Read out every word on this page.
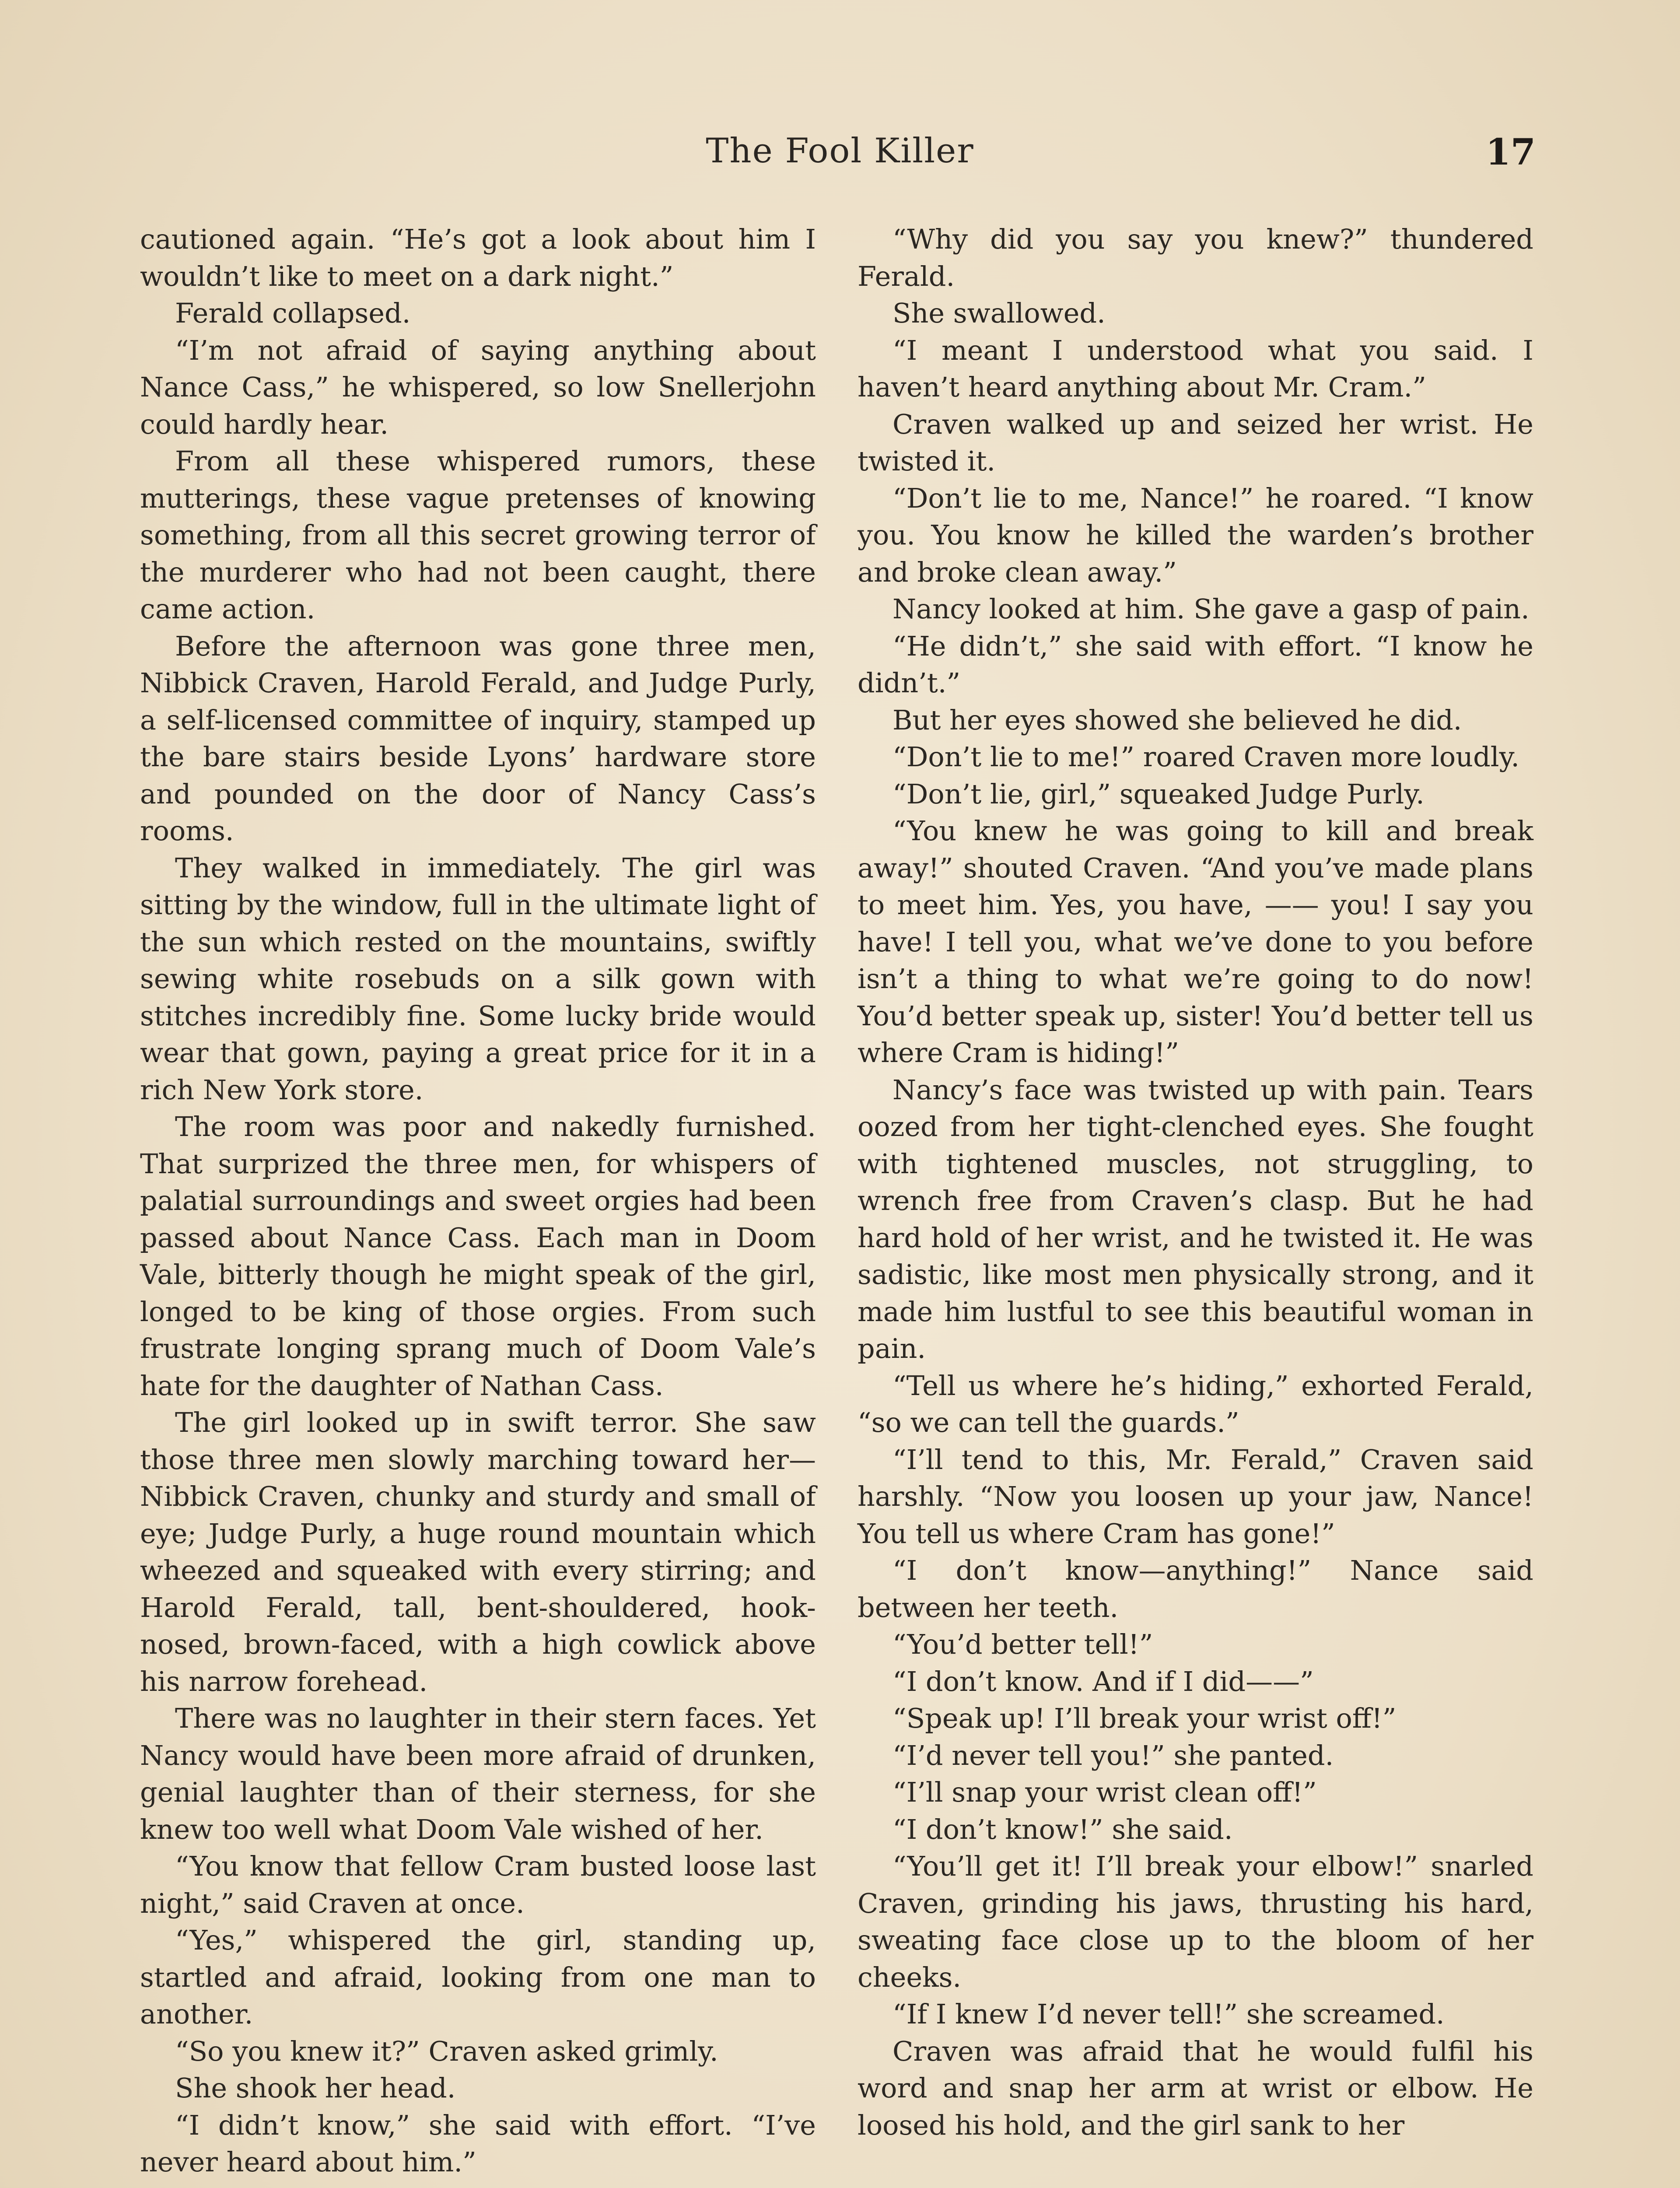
The Fool Killer	17

cautioned again. “He’s got a look about him I wouldn’t like to meet on a dark night.”

Ferald collapsed.

“I’m not afraid of saying anything about Nance Cass,” he whispered, so low Snellerjohn could hardly hear.

From all these whispered rumors, these mutterings, these vague pretenses of knowing something, from all this secret growing terror of the murderer who had not been caught, there came action.

Before the afternoon was gone three men, Nibbick Craven, Harold Ferald, and Judge Purly, a self-licensed committee of inquiry, stamped up the bare stairs beside Lyons’ hardware store and pounded on the door of Nancy Cass’s rooms.

They walked in immediately. The girl was sitting by the window, full in the ultimate light of the sun which rested on the mountains, swiftly sewing white rosebuds on a silk gown with stitches incredibly fine. Some lucky bride would wear that gown, paying a great price for it in a rich New York store.

The room was poor and nakedly furnished. That surprized the three men, for whispers of palatial surroundings and sweet orgies had been passed about Nance Cass. Each man in Doom Vale, bitterly though he might speak of the girl, longed to be king of those orgies. From such frustrate longing sprang much of Doom Vale’s hate for the daughter of Nathan Cass.

The girl looked up in swift terror. She saw those three men slowly marching toward her—Nibbick Craven, chunky and sturdy and small of eye; Judge Purly, a huge round mountain which wheezed and squeaked with every stirring; and Harold Ferald, tall, bent-shouldered, hook-nosed, brown-faced, with a high cowlick above his narrow forehead.

There was no laughter in their stern faces. Yet Nancy would have been more afraid of drunken, genial laughter than of their sterness, for she knew too well what Doom Vale wished of her.

“You know that fellow Cram busted loose last night,” said Craven at once.

“Yes,” whispered the girl, standing up, startled and afraid, looking from one man to another.

“So you knew it?” Craven asked grimly.

She shook her head.

“I didn’t know,” she said with effort. “I’ve never heard about him.”

“Why did you say you knew?” thundered Ferald.

She swallowed.

“I meant I understood what you said. I haven’t heard anything about Mr. Cram.”

Craven walked up and seized her wrist. He twisted it.

“Don’t lie to me, Nance!” he roared. “I know you. You know he killed the warden’s brother and broke clean away.”

Nancy looked at him. She gave a gasp of pain.

“He didn’t,” she said with effort. “I know he didn’t.”

But her eyes showed she believed he did.

“Don’t lie to me!” roared Craven more loudly.

“Don’t lie, girl,” squeaked Judge Purly.

“You knew he was going to kill and break away!” shouted Craven. “And you’ve made plans to meet him. Yes, you have, —— you! I say you have! I tell you, what we’ve done to you before isn’t a thing to what we’re going to do now! You’d better speak up, sister! You’d better tell us where Cram is hiding!”

Nancy’s face was twisted up with pain. Tears oozed from her tight-clenched eyes. She fought with tightened muscles, not struggling, to wrench free from Craven’s clasp. But he had hard hold of her wrist, and he twisted it. He was sadistic, like most men physically strong, and it made him lustful to see this beautiful woman in pain.

“Tell us where he’s hiding,” exhorted Ferald, “so we can tell the guards.”

“I’ll tend to this, Mr. Ferald,” Craven said harshly. “Now you loosen up your jaw, Nance! You tell us where Cram has gone!”

“I don’t know—anything!” Nance said between her teeth.

“You’d better tell!”

“I don’t know. And if I did——”

“Speak up! I’ll break your wrist off!”

“I’d never tell you!” she panted.

“I’ll snap your wrist clean off!”

“I don’t know!” she said.

“You’ll get it! I’ll break your elbow!” snarled Craven, grinding his jaws, thrusting his hard, sweating face close up to the bloom of her cheeks.

“If I knew I’d never tell!” she screamed.

Craven was afraid that he would fulfil his word and snap her arm at wrist or elbow. He loosed his hold, and the girl sank to her
